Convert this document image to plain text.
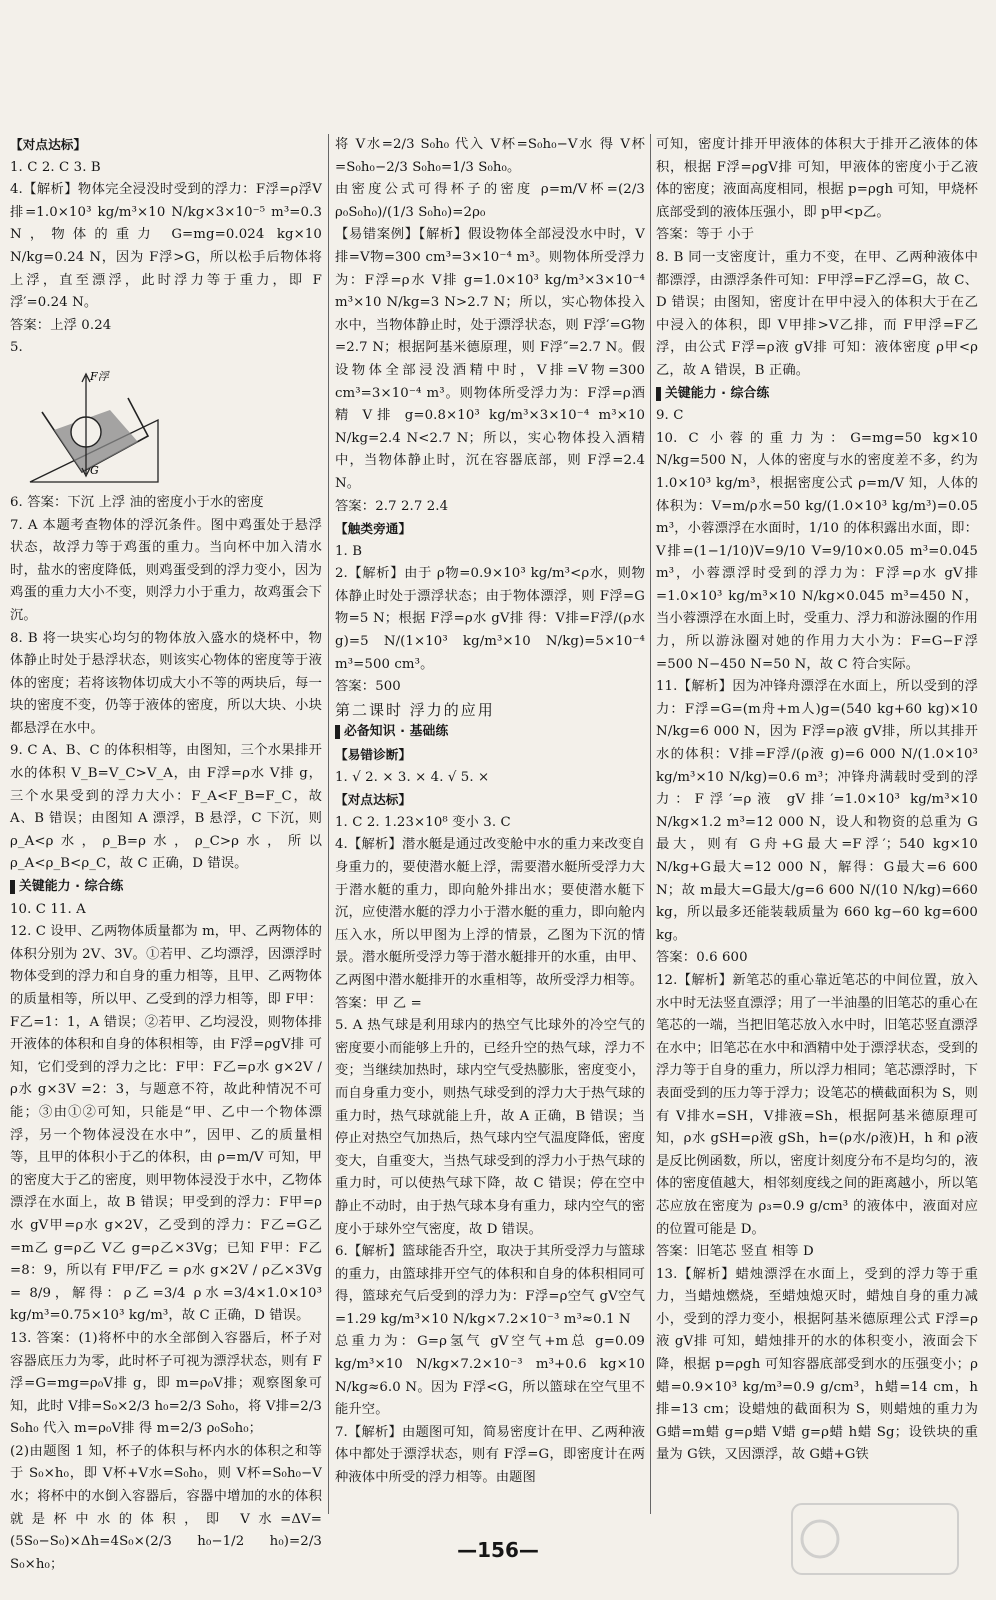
【对点达标】

1. C 2. C 3. B

4.【解析】物体完全浸没时受到的浮力：F浮=ρ浮V排=1.0×10³ kg/m³×10 N/kg×3×10⁻⁵ m³=0.3 N，物体的重力 G=mg=0.024 kg×10 N/kg=0.24 N，因为 F浮>G，所以松手后物体将上浮，直至漂浮，此时浮力等于重力，即 F浮′=0.24 N。

答案：上浮 0.24

5.

F浮
G

6. 答案：下沉 上浮 油的密度小于水的密度

7. A 本题考查物体的浮沉条件。图中鸡蛋处于悬浮状态，故浮力等于鸡蛋的重力。当向杯中加入清水时，盐水的密度降低，则鸡蛋受到的浮力变小，因为鸡蛋的重力大小不变，则浮力小于重力，故鸡蛋会下沉。

8. B 将一块实心均匀的物体放入盛水的烧杯中，物体静止时处于悬浮状态，则该实心物体的密度等于液体的密度；若将该物体切成大小不等的两块后，每一块的密度不变，仍等于液体的密度，所以大块、小块都悬浮在水中。

9. C A、B、C 的体积相等，由图知，三个水果排开水的体积 V_B=V_C>V_A，由 F浮=ρ水 V排 g，三个水果受到的浮力大小：F_A<F_B=F_C，故 A、B 错误；由图知 A 漂浮，B 悬浮，C 下沉，则 ρ_A<ρ水，ρ_B=ρ水，ρ_C>ρ水，所以 ρ_A<ρ_B<ρ_C，故 C 正确，D 错误。

关键能力 · 综合练

10. C 11. A

12. C 设甲、乙两物体质量都为 m，甲、乙两物体的体积分别为 2V、3V。①若甲、乙均漂浮，因漂浮时物体受到的浮力和自身的重力相等，且甲、乙两物体的质量相等，所以甲、乙受到的浮力相等，即 F甲：F乙=1：1，A 错误；②若甲、乙均浸没，则物体排开液体的体积和自身的体积相等，由 F浮=ρgV排 可知，它们受到的浮力之比：F甲：F乙=ρ水 g×2V / ρ水 g×3V =2：3，与题意不符，故此种情况不可能；③由①②可知，只能是“甲、乙中一个物体漂浮，另一个物体浸没在水中”，因甲、乙的质量相等，且甲的体积小于乙的体积，由 ρ=m/V 可知，甲的密度大于乙的密度，则甲物体浸没于水中，乙物体漂浮在水面上，故 B 错误；甲受到的浮力：F甲=ρ水 gV甲=ρ水 g×2V，乙受到的浮力：F乙=G乙=m乙 g=ρ乙 V乙 g=ρ乙×3Vg；已知 F甲：F乙=8：9，所以有 F甲/F乙 = ρ水 g×2V / ρ乙×3Vg = 8/9，解得：ρ乙=3/4 ρ水=3/4×1.0×10³ kg/m³=0.75×10³ kg/m³，故 C 正确，D 错误。

13. 答案：(1)将杯中的水全部倒入容器后，杯子对容器底压力为零，此时杯子可视为漂浮状态，则有 F浮=G=mg=ρ₀V排 g，即 m=ρ₀V排；观察图象可知，此时 V排=S₀×2/3 h₀=2/3 S₀h₀，将 V排=2/3 S₀h₀ 代入 m=ρ₀V排 得 m=2/3 ρ₀S₀h₀；

(2)由题图 1 知，杯子的体积与杯内水的体积之和等于 S₀×h₀，即 V杯+V水=S₀h₀，则 V杯=S₀h₀−V水；将杯中的水倒入容器后，容器中增加的水的体积就是杯中水的体积，即 V水=ΔV=(5S₀−S₀)×Δh=4S₀×(2/3 h₀−1/2 h₀)=2/3 S₀×h₀；

将 V水=2/3 S₀h₀ 代入 V杯=S₀h₀−V水 得 V杯=S₀h₀−2/3 S₀h₀=1/3 S₀h₀。

由密度公式可得杯子的密度 ρ=m/V杯=(2/3 ρ₀S₀h₀)/(1/3 S₀h₀)=2ρ₀

【易错案例】【解析】假设物体全部浸没水中时，V排=V物=300 cm³=3×10⁻⁴ m³。则物体所受浮力为：F浮=ρ水 V排 g=1.0×10³ kg/m³×3×10⁻⁴ m³×10 N/kg=3 N>2.7 N；所以，实心物体投入水中，当物体静止时，处于漂浮状态，则 F浮′=G物=2.7 N；根据阿基米德原理，则 F浮″=2.7 N。假设物体全部浸没酒精中时，V排=V物=300 cm³=3×10⁻⁴ m³。则物体所受浮力为：F浮=ρ酒精 V排 g=0.8×10³ kg/m³×3×10⁻⁴ m³×10 N/kg=2.4 N<2.7 N；所以，实心物体投入酒精中，当物体静止时，沉在容器底部，则 F浮=2.4 N。

答案：2.7 2.7 2.4

【触类旁通】

1. B

2.【解析】由于 ρ物=0.9×10³ kg/m³<ρ水，则物体静止时处于漂浮状态；由于物体漂浮，则 F浮=G物=5 N；根据 F浮=ρ水 gV排 得：V排=F浮/(ρ水 g)=5 N/(1×10³ kg/m³×10 N/kg)=5×10⁻⁴ m³=500 cm³。

答案：500

第二课时 浮力的应用

必备知识 · 基础练

【易错诊断】

1. √ 2. × 3. × 4. √ 5. ×

【对点达标】

1. C 2. 1.23×10⁸ 变小 3. C

4.【解析】潜水艇是通过改变舱中水的重力来改变自身重力的，要使潜水艇上浮，需要潜水艇所受浮力大于潜水艇的重力，即向舱外排出水；要使潜水艇下沉，应使潜水艇的浮力小于潜水艇的重力，即向舱内压入水，所以甲图为上浮的情景，乙图为下沉的情景。潜水艇所受浮力等于潜水艇排开的水重，由甲、乙两图中潜水艇排开的水重相等，故所受浮力相等。

答案：甲 乙 =

5. A 热气球是利用球内的热空气比球外的冷空气的密度要小而能够上升的，已经升空的热气球，浮力不变；当继续加热时，球内空气受热膨胀，密度变小，而自身重力变小，则热气球受到的浮力大于热气球的重力时，热气球就能上升，故 A 正确，B 错误；当停止对热空气加热后，热气球内空气温度降低，密度变大，自重变大，当热气球受到的浮力小于热气球的重力时，可以使热气球下降，故 C 错误；停在空中静止不动时，由于热气球本身有重力，球内空气的密度小于球外空气密度，故 D 错误。

6.【解析】篮球能否升空，取决于其所受浮力与篮球的重力，由篮球排开空气的体积和自身的体积相同可得，篮球充气后受到的浮力为：F浮=ρ空气 gV空气=1.29 kg/m³×10 N/kg×7.2×10⁻³ m³≈0.1 N

总重力为：G=ρ氢气 gV空气+m总 g=0.09 kg/m³×10 N/kg×7.2×10⁻³ m³+0.6 kg×10 N/kg≈6.0 N。因为 F浮<G，所以篮球在空气里不能升空。

7.【解析】由题图可知，简易密度计在甲、乙两种液体中都处于漂浮状态，则有 F浮=G，即密度计在两种液体中所受的浮力相等。由题图

可知，密度计排开甲液体的体积大于排开乙液体的体积，根据 F浮=ρgV排 可知，甲液体的密度小于乙液体的密度；液面高度相同，根据 p=ρgh 可知，甲烧杯底部受到的液体压强小，即 p甲<p乙。

答案：等于 小于

8. B 同一支密度计，重力不变，在甲、乙两种液体中都漂浮，由漂浮条件可知：F甲浮=F乙浮=G，故 C、D 错误；由图知，密度计在甲中浸入的体积大于在乙中浸入的体积，即 V甲排>V乙排，而 F甲浮=F乙浮，由公式 F浮=ρ液 gV排 可知：液体密度 ρ甲<ρ乙，故 A 错误，B 正确。

关键能力 · 综合练

9. C

10. C 小蓉的重力为：G=mg=50 kg×10 N/kg=500 N，人体的密度与水的密度差不多，约为 1.0×10³ kg/m³，根据密度公式 ρ=m/V 知，人体的体积为：V=m/ρ水=50 kg/(1.0×10³ kg/m³)=0.05 m³，小蓉漂浮在水面时，1/10 的体积露出水面，即：V排=(1−1/10)V=9/10 V=9/10×0.05 m³=0.045 m³，小蓉漂浮时受到的浮力为：F浮=ρ水 gV排=1.0×10³ kg/m³×10 N/kg×0.045 m³=450 N，当小蓉漂浮在水面上时，受重力、浮力和游泳圈的作用力，所以游泳圈对她的作用力大小为：F=G−F浮=500 N−450 N=50 N，故 C 符合实际。

11.【解析】因为冲锋舟漂浮在水面上，所以受到的浮力：F浮=G=(m舟+m人)g=(540 kg+60 kg)×10 N/kg=6 000 N，因为 F浮=ρ液 gV排，所以其排开水的体积：V排=F浮/(ρ液 g)=6 000 N/(1.0×10³ kg/m³×10 N/kg)=0.6 m³；冲锋舟满载时受到的浮力：F浮′=ρ液 gV排′=1.0×10³ kg/m³×10 N/kg×1.2 m³=12 000 N，设人和物资的总重为 G最大，则有 G舟+G最大=F浮′；540 kg×10 N/kg+G最大=12 000 N，解得：G最大=6 600 N；故 m最大=G最大/g=6 600 N/(10 N/kg)=660 kg，所以最多还能装载质量为 660 kg−60 kg=600 kg。

答案：0.6 600

12.【解析】新笔芯的重心靠近笔芯的中间位置，放入水中时无法竖直漂浮；用了一半油墨的旧笔芯的重心在笔芯的一端，当把旧笔芯放入水中时，旧笔芯竖直漂浮在水中；旧笔芯在水中和酒精中处于漂浮状态，受到的浮力等于自身的重力，所以浮力相同；笔芯漂浮时，下表面受到的压力等于浮力；设笔芯的横截面积为 S，则有 V排水=SH，V排液=Sh，根据阿基米德原理可知，ρ水 gSH=ρ液 gSh，h=(ρ水/ρ液)H，h 和 ρ液 是反比例函数，所以，密度计刻度分布不是均匀的，液体的密度值越大，相邻刻度线之间的距离越小，所以笔芯应放在密度为 ρ₃=0.9 g/cm³ 的液体中，液面对应的位置可能是 D。

答案：旧笔芯 竖直 相等 D

13.【解析】蜡烛漂浮在水面上，受到的浮力等于重力，当蜡烛燃烧，至蜡烛熄灭时，蜡烛自身的重力减小，受到的浮力变小，根据阿基米德原理公式 F浮=ρ液 gV排 可知，蜡烛排开的水的体积变小，液面会下降，根据 p=ρgh 可知容器底部受到水的压强变小；ρ蜡=0.9×10³ kg/m³=0.9 g/cm³，h蜡=14 cm，h排=13 cm；设蜡烛的截面积为 S，则蜡烛的重力为 G蜡=m蜡 g=ρ蜡 V蜡 g=ρ蜡 h蜡 Sg；设铁块的重量为 G铁，又因漂浮，故 G蜡+G铁

—156—
